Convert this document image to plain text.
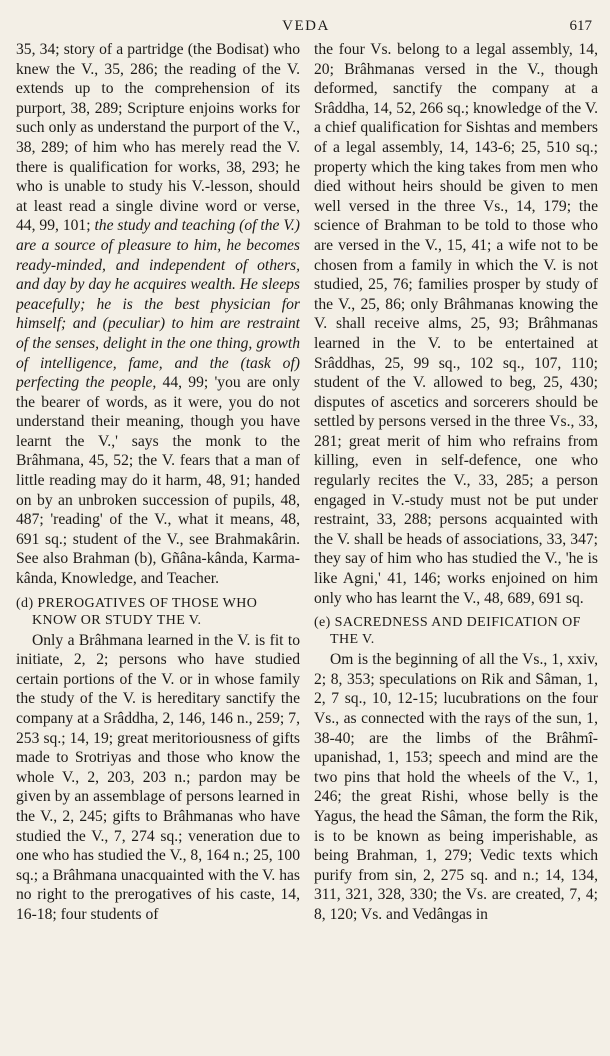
VEDA	617

35, 34; story of a partridge (the Bodisat) who knew the V., 35, 286; the reading of the V. extends up to the comprehension of its purport, 38, 289; Scripture enjoins works for such only as understand the purport of the V., 38, 289; of him who has merely read the V. there is qualification for works, 38, 293; he who is unable to study his V.-lesson, should at least read a single divine word or verse, 44, 99, 101; the study and teaching (of the V.) are a source of pleasure to him, he becomes ready-minded, and independent of others, and day by day he acquires wealth. He sleeps peacefully; he is the best physician for himself; and (peculiar) to him are restraint of the senses, delight in the one thing, growth of intelligence, fame, and the (task of) perfecting the people, 44, 99; 'you are only the bearer of words, as it were, you do not understand their meaning, though you have learnt the V.,' says the monk to the Brâhmana, 45, 52; the V. fears that a man of little reading may do it harm, 48, 91; handed on by an unbroken succession of pupils, 48, 487; 'reading' of the V., what it means, 48, 691 sq.; student of the V., see Brahmakârin. See also Brahman (b), Gñâna-kânda, Karma-kânda, Knowledge, and Teacher.

(d) PREROGATIVES OF THOSE WHO KNOW OR STUDY THE V.

Only a Brâhmana learned in the V. is fit to initiate, 2, 2; persons who have studied certain portions of the V. or in whose family the study of the V. is hereditary sanctify the company at a Srâddha, 2, 146, 146 n., 259; 7, 253 sq.; 14, 19; great meritoriousness of gifts made to Srotriyas and those who know the whole V., 2, 203, 203 n.; pardon may be given by an assemblage of persons learned in the V., 2, 245; gifts to Brâhmanas who have studied the V., 7, 274 sq.; veneration due to one who has studied the V., 8, 164 n.; 25, 100 sq.; a Brâhmana unacquainted with the V. has no right to the prerogatives of his caste, 14, 16-18; four students of

the four Vs. belong to a legal assembly, 14, 20; Brâhmanas versed in the V., though deformed, sanctify the company at a Srâddha, 14, 52, 266 sq.; knowledge of the V. a chief qualification for Sishtas and members of a legal assembly, 14, 143-6; 25, 510 sq.; property which the king takes from men who died without heirs should be given to men well versed in the three Vs., 14, 179; the science of Brahman to be told to those who are versed in the V., 15, 41; a wife not to be chosen from a family in which the V. is not studied, 25, 76; families prosper by study of the V., 25, 86; only Brâhmanas knowing the V. shall receive alms, 25, 93; Brâhmanas learned in the V. to be entertained at Srâddhas, 25, 99 sq., 102 sq., 107, 110; student of the V. allowed to beg, 25, 430; disputes of ascetics and sorcerers should be settled by persons versed in the three Vs., 33, 281; great merit of him who refrains from killing, even in self-defence, one who regularly recites the V., 33, 285; a person engaged in V.-study must not be put under restraint, 33, 288; persons acquainted with the V. shall be heads of associations, 33, 347; they say of him who has studied the V., 'he is like Agni,' 41, 146; works enjoined on him only who has learnt the V., 48, 689, 691 sq.

(e) SACREDNESS AND DEIFICATION OF THE V.

Om is the beginning of all the Vs., 1, xxiv, 2; 8, 353; speculations on Rik and Sâman, 1, 2, 7 sq., 10, 12-15; lucubrations on the four Vs., as connected with the rays of the sun, 1, 38-40; are the limbs of the Brâhmî-upanishad, 1, 153; speech and mind are the two pins that hold the wheels of the V., 1, 246; the great Rishi, whose belly is the Yagus, the head the Sâman, the form the Rik, is to be known as being imperishable, as being Brahman, 1, 279; Vedic texts which purify from sin, 2, 275 sq. and n.; 14, 134, 311, 321, 328, 330; the Vs. are created, 7, 4; 8, 120; Vs. and Vedângas in
